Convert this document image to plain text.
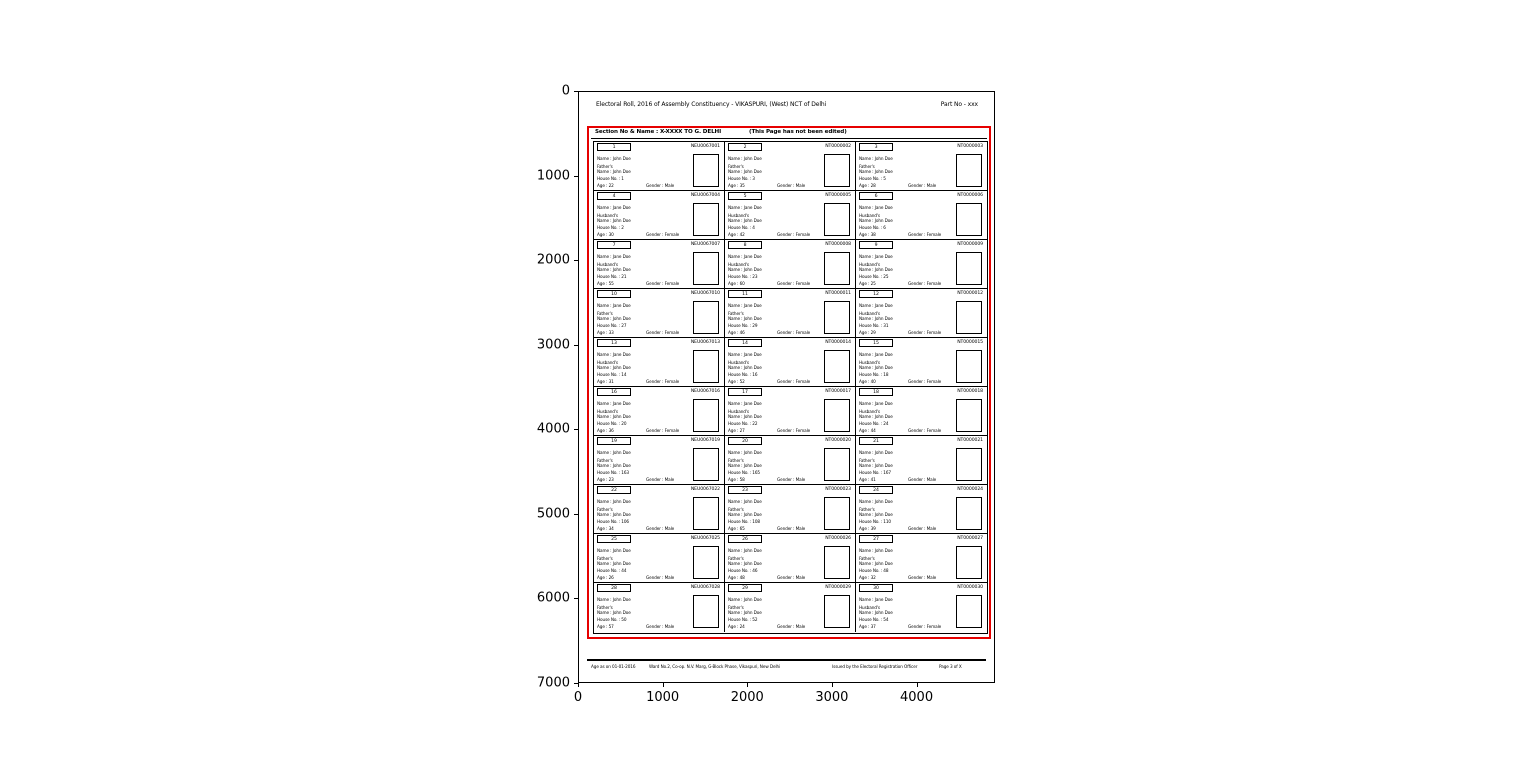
0
1000
2000
3000
4000
5000
6000
7000
0	1000	2000	3000	4000
Electoral Roll, 2016 of Assembly Constituency - VIKASPURI, (West) NCT of Delhi	Part No - xxx
Section No & Name : X-XXXX TO G. DELHI	(This Page has not been edited)
1	NEU0067001
Name : John Doe
Father's
Name : John Doe
House No. : 1
Age : 22	Gender : Male
2	NT0000002
Name : John Doe
Father's
Name : John Doe
House No. : 3
Age : 35	Gender : Male
3	NT0000003
Name : John Doe
Father's
Name : John Doe
House No. : 5
Age : 28	Gender : Male
4	NEU0067004
Name : Jane Doe
Husband's
Name : John Doe
House No. : 2
Age : 30	Gender : Female
5	NT0000005
Name : Jane Doe
Husband's
Name : John Doe
House No. : 4
Age : 42	Gender : Female
6	NT0000006
Name : Jane Doe
Husband's
Name : John Doe
House No. : 6
Age : 38	Gender : Female
7	NEU0067007
Name : Jane Doe
Husband's
Name : John Doe
House No. : 21
Age : 55	Gender : Female
8	NT0000008
Name : Jane Doe
Husband's
Name : John Doe
House No. : 23
Age : 60	Gender : Female
9	NT0000009
Name : Jane Doe
Husband's
Name : John Doe
House No. : 25
Age : 25	Gender : Female
10	NEU0067010
Name : Jane Doe
Father's
Name : John Doe
House No. : 27
Age : 33	Gender : Female
11	NT0000011
Name : Jane Doe
Father's
Name : John Doe
House No. : 29
Age : 46	Gender : Female
12	NT0000012
Name : Jane Doe
Husband's
Name : John Doe
House No. : 31
Age : 29	Gender : Female
13	NEU0067013
Name : Jane Doe
Husband's
Name : John Doe
House No. : 14
Age : 31	Gender : Female
14	NT0000014
Name : Jane Doe
Husband's
Name : John Doe
House No. : 16
Age : 52	Gender : Female
15	NT0000015
Name : Jane Doe
Husband's
Name : John Doe
House No. : 18
Age : 40	Gender : Female
16	NEU0067016
Name : Jane Doe
Husband's
Name : John Doe
House No. : 20
Age : 36	Gender : Female
17	NT0000017
Name : Jane Doe
Husband's
Name : John Doe
House No. : 22
Age : 27	Gender : Female
18	NT0000018
Name : Jane Doe
Husband's
Name : John Doe
House No. : 24
Age : 44	Gender : Female
19	NEU0067019
Name : John Doe
Father's
Name : John Doe
House No. : 163
Age : 23	Gender : Male
20	NT0000020
Name : John Doe
Father's
Name : John Doe
House No. : 165
Age : 58	Gender : Male
21	NT0000021
Name : John Doe
Father's
Name : John Doe
House No. : 167
Age : 41	Gender : Male
22	NEU0067022
Name : John Doe
Father's
Name : John Doe
House No. : 106
Age : 34	Gender : Male
23	NT0000023
Name : John Doe
Father's
Name : John Doe
House No. : 108
Age : 65	Gender : Male
24	NT0000024
Name : John Doe
Father's
Name : John Doe
House No. : 110
Age : 39	Gender : Male
25	NEU0067025
Name : John Doe
Father's
Name : John Doe
House No. : 44
Age : 26	Gender : Male
26	NT0000026
Name : John Doe
Father's
Name : John Doe
House No. : 46
Age : 48	Gender : Male
27	NT0000027
Name : John Doe
Father's
Name : John Doe
House No. : 48
Age : 32	Gender : Male
28	NEU0067028
Name : John Doe
Father's
Name : John Doe
House No. : 50
Age : 57	Gender : Male
29	NT0000029
Name : John Doe
Father's
Name : John Doe
House No. : 52
Age : 24	Gender : Male
30	NT0000030
Name : Jane Doe
Husband's
Name : John Doe
House No. : 54
Age : 37	Gender : Female
Age as on 01-01-2016	Ward No.2, Co-op. N.V. Marg, G-Block Phase, Vikaspuri, New Delhi	Issued by the Electoral Registration Officer	Page 3 of X
